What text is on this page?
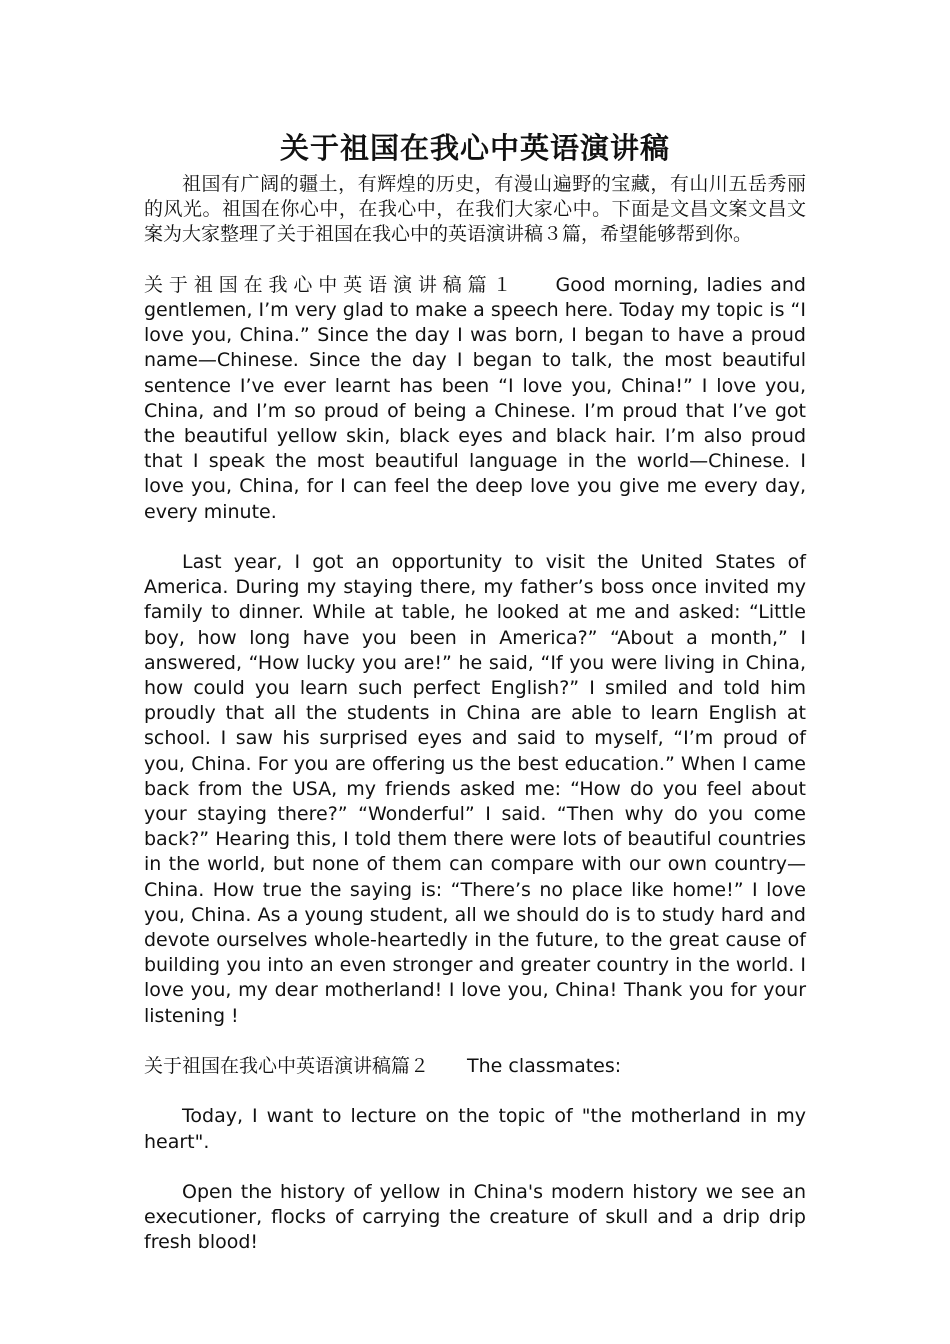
关于祖国在我心中英语演讲稿

祖国有广阔的疆土，有辉煌的历史，有漫山遍野的宝藏，有山川五岳秀丽的风光。祖国在你心中，在我心中，在我们大家心中。下面是文昌文案文昌文案为大家整理了关于祖国在我心中的英语演讲稿３篇，希望能够帮到你。

关于祖国在我心中英语演讲稿篇１ Good morning, ladies and gentlemen, I’m very glad to make a speech here. Today my topic is “I love you, China.” Since the day I was born, I began to have a proud name—Chinese. Since the day I began to talk, the most beautiful sentence I’ve ever learnt has been “I love you, China!” I love you, China, and I’m so proud of being a Chinese. I’m proud that I’ve got the beautiful yellow skin, black eyes and black hair. I’m also proud that I speak the most beautiful language in the world—Chinese. I love you, China, for I can feel the deep love you give me every day, every minute.

Last year, I got an opportunity to visit the United States of America. During my staying there, my father’s boss once invited my family to dinner. While at table, he looked at me and asked: “Little boy, how long have you been in America?” “About a month,” I answered, “How lucky you are!” he said, “If you were living in China, how could you learn such perfect English?” I smiled and told him proudly that all the students in China are able to learn English at school. I saw his surprised eyes and said to myself, “I’m proud of you, China. For you are offering us the best education.” When I came back from the USA, my friends asked me: “How do you feel about your staying there?” “Wonderful” I said. “Then why do you come back?” Hearing this, I told them there were lots of beautiful countries in the world, but none of them can compare with our own country—China. How true the saying is: “There’s no place like home!” I love you, China. As a young student, all we should do is to study hard and devote ourselves whole-heartedly in the future, to the great cause of building you into an even stronger and greater country in the world. I love you, my dear motherland! I love you, China! Thank you for your listening !

关于祖国在我心中英语演讲稿篇２ The classmates:

Today, I want to lecture on the topic of "the motherland in my heart".

Open the history of yellow in China's modern history we see an executioner, flocks of carrying the creature of skull and a drip drip fresh blood!
